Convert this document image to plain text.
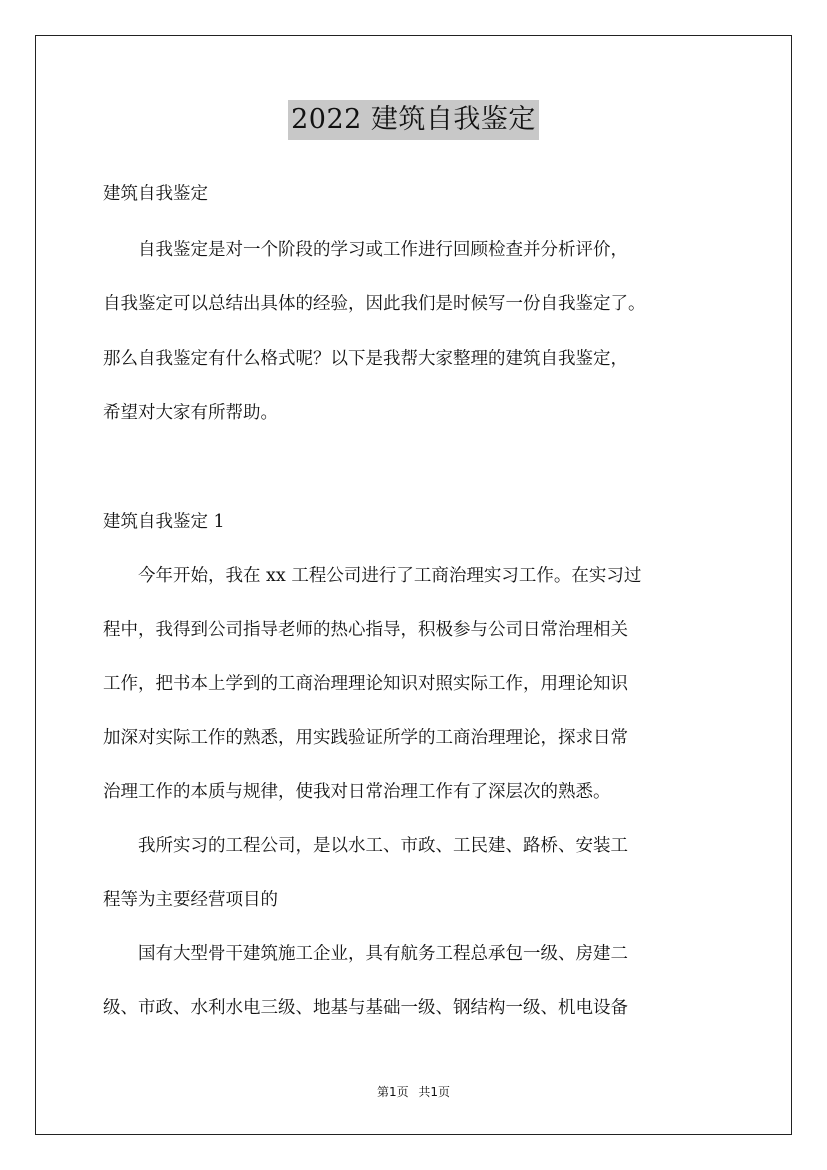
2022 建筑自我鉴定
建筑自我鉴定
　　自我鉴定是对一个阶段的学习或工作进行回顾检查并分析评价，
自我鉴定可以总结出具体的经验，因此我们是时候写一份自我鉴定了。
那么自我鉴定有什么格式呢？以下是我帮大家整理的建筑自我鉴定，
希望对大家有所帮助。
建筑自我鉴定 1
　　今年开始，我在 xx 工程公司进行了工商治理实习工作。在实习过
程中，我得到公司指导老师的热心指导，积极参与公司日常治理相关
工作，把书本上学到的工商治理理论知识对照实际工作，用理论知识
加深对实际工作的熟悉，用实践验证所学的工商治理理论，探求日常
治理工作的本质与规律，使我对日常治理工作有了深层次的熟悉。
　　我所实习的工程公司，是以水工、市政、工民建、路桥、安装工
程等为主要经营项目的
　　国有大型骨干建筑施工企业，具有航务工程总承包一级、房建二
级、市政、水利水电三级、地基与基础一级、钢结构一级、机电设备
第1页 共1页
